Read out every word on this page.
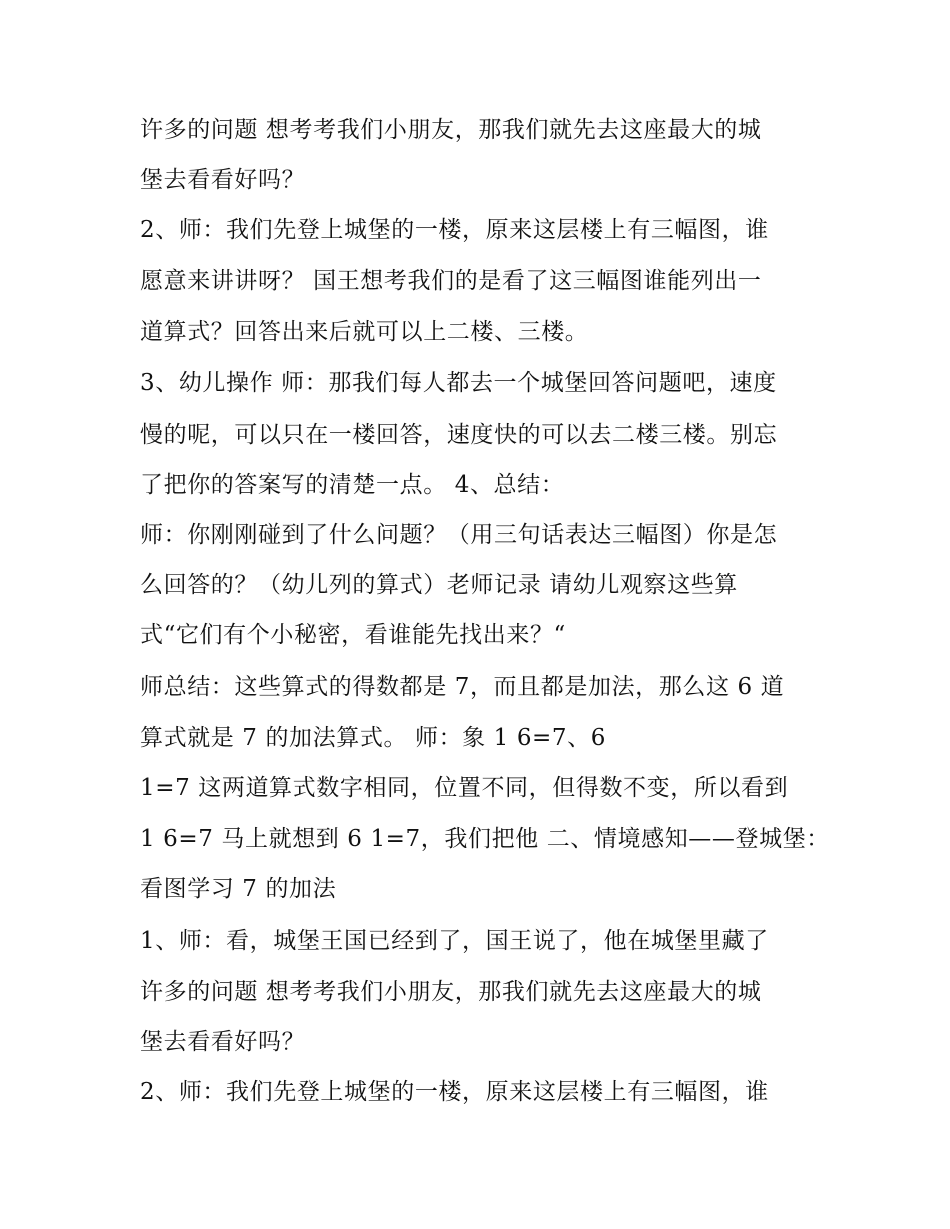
许多的问题 想考考我们小朋友，那我们就先去这座最大的城
堡去看看好吗？
2、师：我们先登上城堡的一楼，原来这层楼上有三幅图，谁
愿意来讲讲呀？ 国王想考我们的是看了这三幅图谁能列出一
道算式？回答出来后就可以上二楼、三楼。
3、幼儿操作 师：那我们每人都去一个城堡回答问题吧，速度
慢的呢，可以只在一楼回答，速度快的可以去二楼三楼。别忘
了把你的答案写的清楚一点。 4、总结：
师：你刚刚碰到了什么问题？（用三句话表达三幅图）你是怎
么回答的？（幼儿列的算式）老师记录 请幼儿观察这些算
式“它们有个小秘密，看谁能先找出来？“
师总结：这些算式的得数都是 7，而且都是加法，那么这 6 道
算式就是 7 的加法算式。 师：象 1 6=7、6
1=7 这两道算式数字相同，位置不同，但得数不变，所以看到
1 6=7 马上就想到 6 1=7，我们把他 二、情境感知——登城堡：
看图学习 7 的加法
1、师：看，城堡王国已经到了，国王说了，他在城堡里藏了
许多的问题 想考考我们小朋友，那我们就先去这座最大的城
堡去看看好吗？
2、师：我们先登上城堡的一楼，原来这层楼上有三幅图，谁
